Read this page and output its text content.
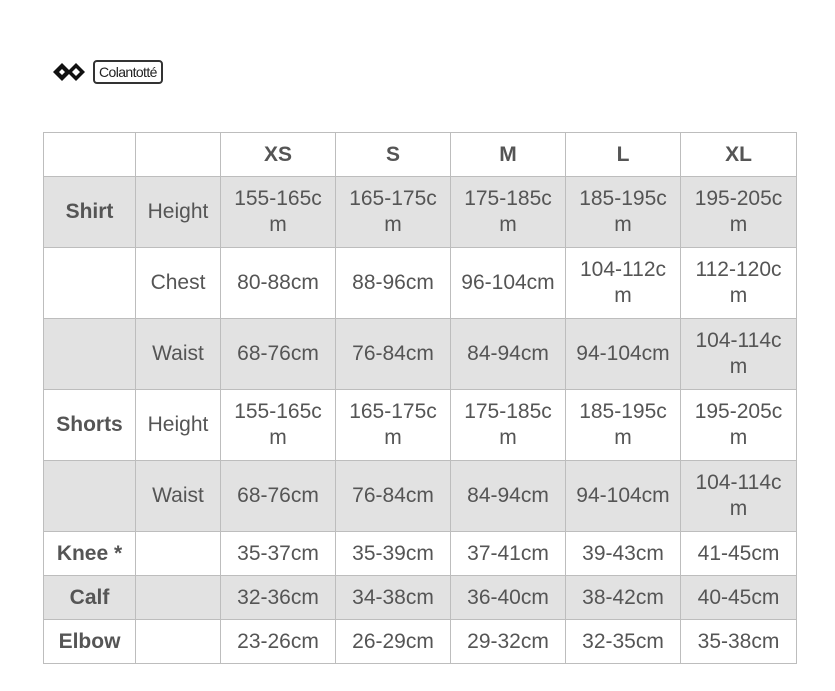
Colantotté
		XS	S	M	L	XL
Shirt	Height	155-165cm	165-175cm	175-185cm	185-195cm	195-205cm
	Chest	80-88cm	88-96cm	96-104cm	104-112cm	112-120cm
	Waist	68-76cm	76-84cm	84-94cm	94-104cm	104-114cm
Shorts	Height	155-165cm	165-175cm	175-185cm	185-195cm	195-205cm
	Waist	68-76cm	76-84cm	84-94cm	94-104cm	104-114cm
Knee *		35-37cm	35-39cm	37-41cm	39-43cm	41-45cm
Calf		32-36cm	34-38cm	36-40cm	38-42cm	40-45cm
Elbow		23-26cm	26-29cm	29-32cm	32-35cm	35-38cm
